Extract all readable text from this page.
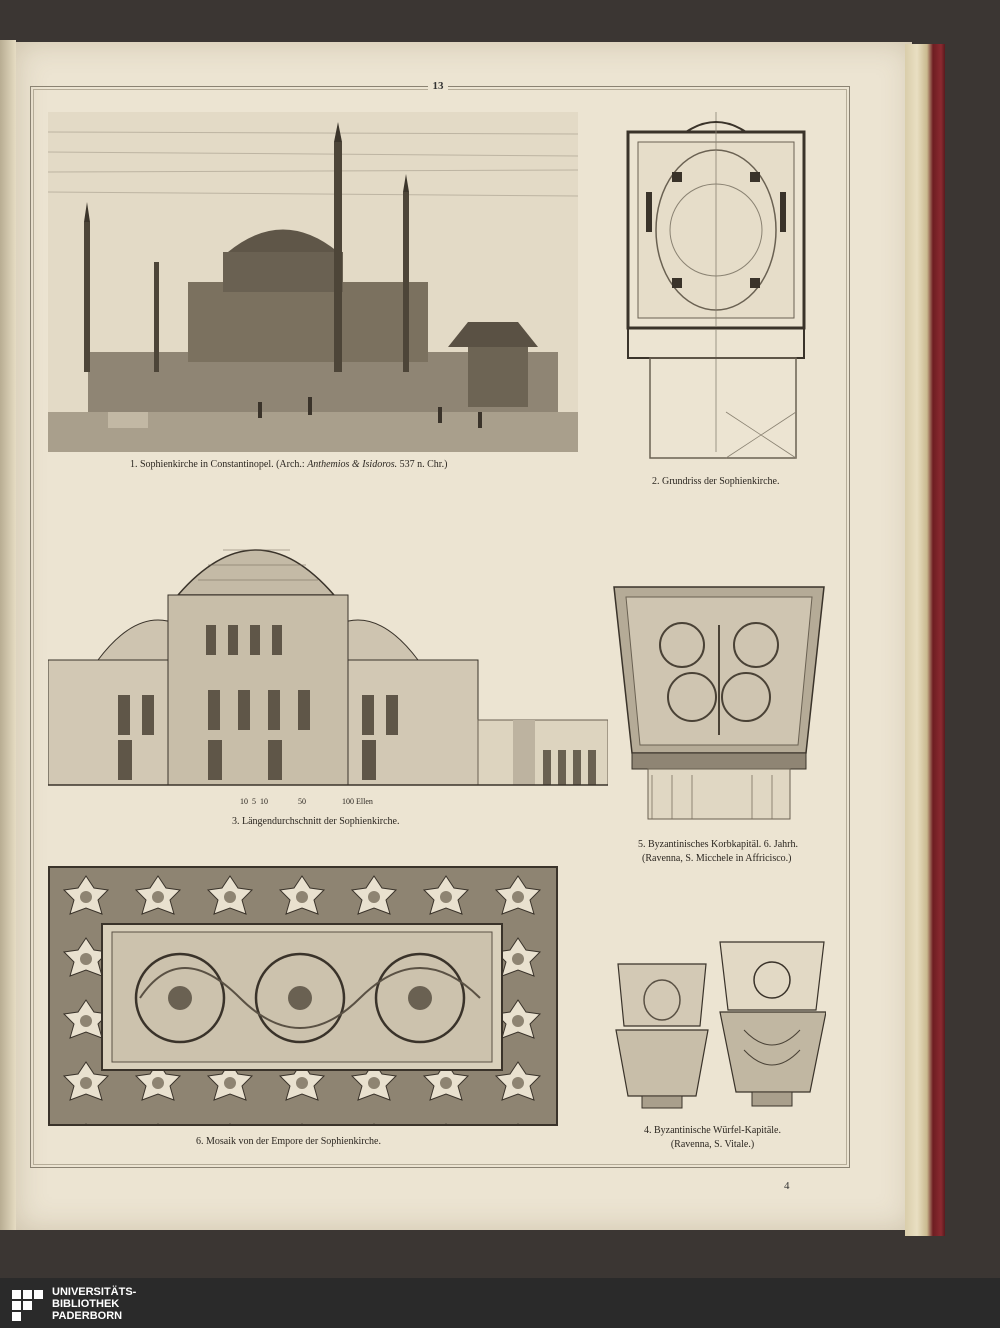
13
1. Sophienkirche in Constantinopel. (Arch.: Anthemios & Isidoros. 537 n. Chr.)
2. Grundriss der Sophienkirche.
10 5 10	50	100 Ellen
3. Längendurchschnitt der Sophienkirche.
5. Byzantinisches Korbkapitäl. 6. Jahrh.
(Ravenna, S. Micchele in Affricisco.)
6. Mosaik von der Empore der Sophienkirche.
4. Byzantinische Würfel-Kapitäle.
(Ravenna, S. Vitale.)
4
UNIVERSITÄTS-
BIBLIOTHEK
PADERBORN
